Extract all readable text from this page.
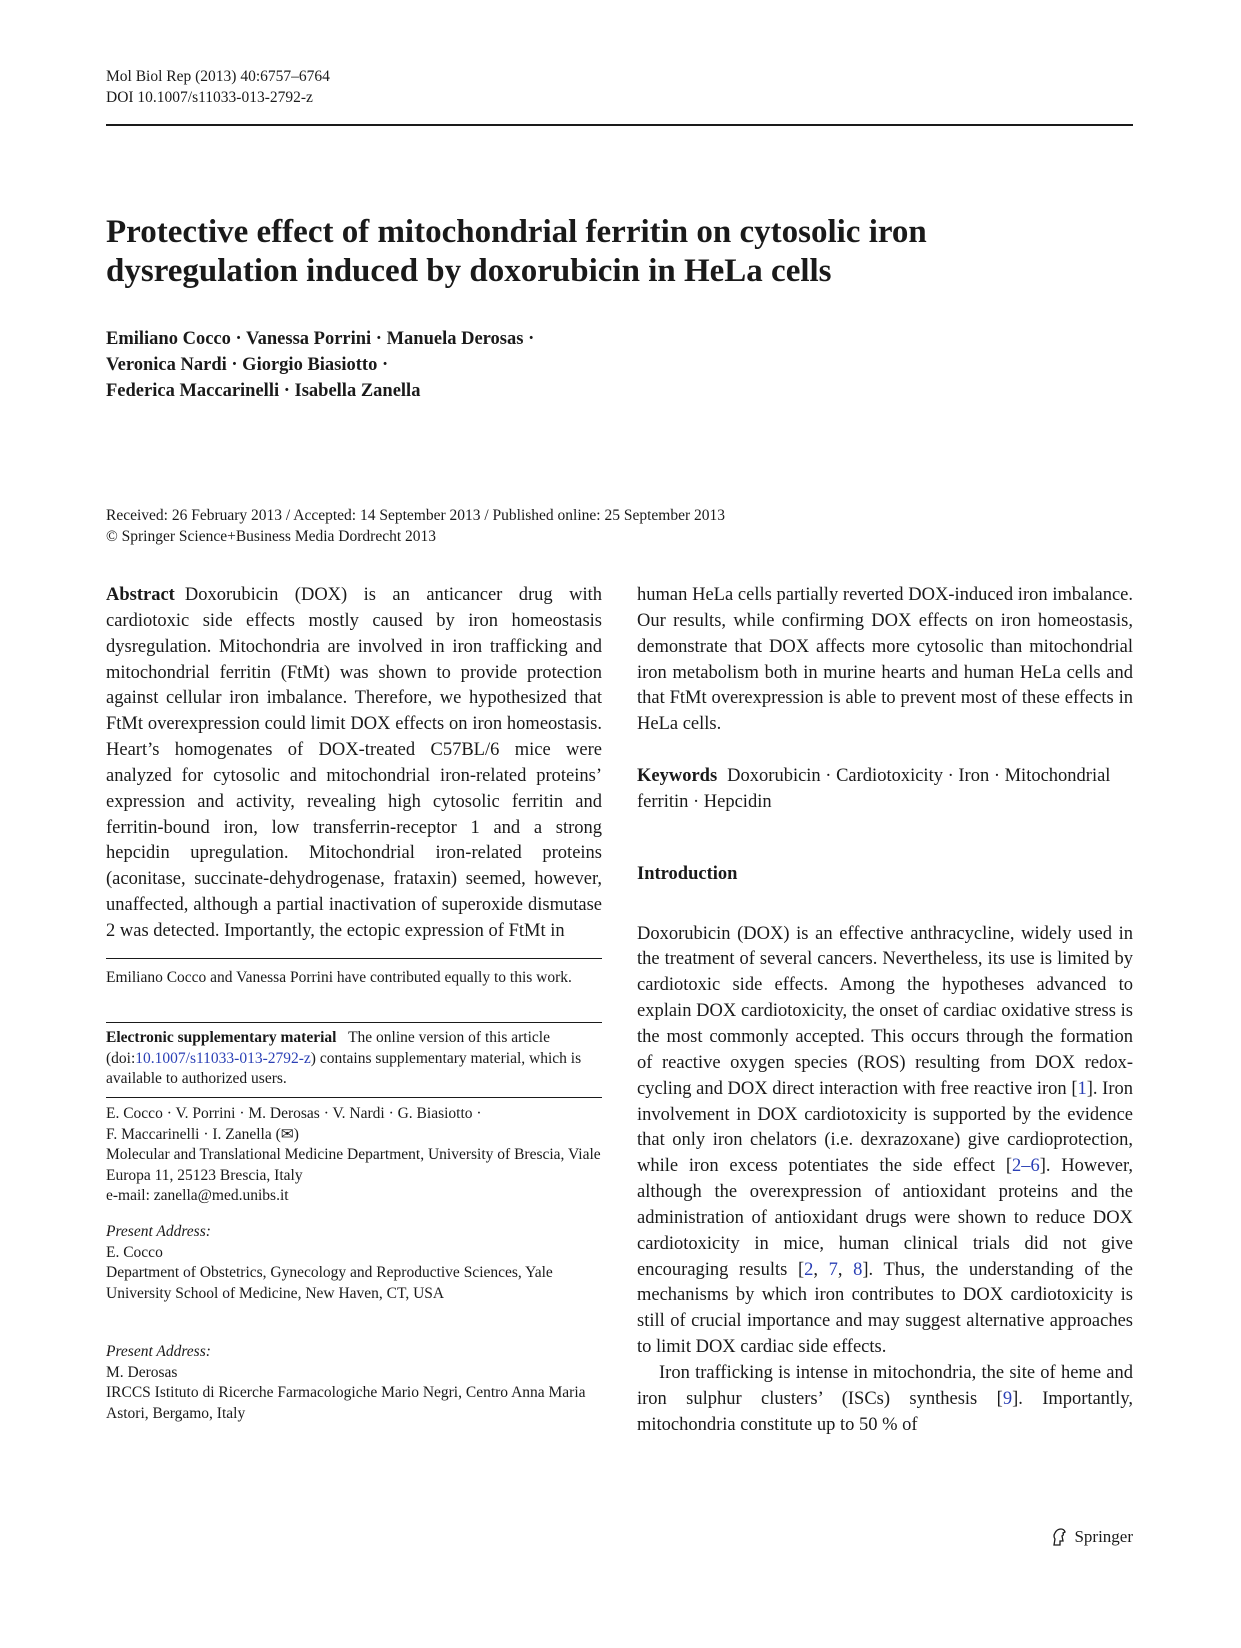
Mol Biol Rep (2013) 40:6757–6764
DOI 10.1007/s11033-013-2792-z
Protective effect of mitochondrial ferritin on cytosolic iron dysregulation induced by doxorubicin in HeLa cells
Emiliano Cocco · Vanessa Porrini · Manuela Derosas ·
Veronica Nardi · Giorgio Biasiotto ·
Federica Maccarinelli · Isabella Zanella
Received: 26 February 2013 / Accepted: 14 September 2013 / Published online: 25 September 2013
© Springer Science+Business Media Dordrecht 2013

Abstract Doxorubicin (DOX) is an anticancer drug with cardiotoxic side effects mostly caused by iron homeostasis dysregulation. Mitochondria are involved in iron trafficking and mitochondrial ferritin (FtMt) was shown to provide protection against cellular iron imbalance. Therefore, we hypothesized that FtMt overexpression could limit DOX effects on iron homeostasis. Heart’s homogenates of DOX-treated C57BL/6 mice were analyzed for cytosolic and mitochondrial iron-related proteins’ expression and activity, revealing high cytosolic ferritin and ferritin-bound iron, low transferrin-receptor 1 and a strong hepcidin upregulation. Mitochondrial iron-related proteins (aconitase, succinate-dehydrogenase, frataxin) seemed, however, unaffected, although a partial inactivation of superoxide dismutase 2 was detected. Importantly, the ectopic expression of FtMt in

Emiliano Cocco and Vanessa Porrini have contributed equally to this work.
Electronic supplementary material The online version of this article (doi:10.1007/s11033-013-2792-z) contains supplementary material, which is available to authorized users.
E. Cocco · V. Porrini · M. Derosas · V. Nardi · G. Biasiotto ·
F. Maccarinelli · I. Zanella (✉)
Molecular and Translational Medicine Department, University of Brescia, Viale Europa 11, 25123 Brescia, Italy
e-mail: zanella@med.unibs.it
Present Address:
E. Cocco
Department of Obstetrics, Gynecology and Reproductive Sciences, Yale University School of Medicine, New Haven, CT, USA
Present Address:
M. Derosas
IRCCS Istituto di Ricerche Farmacologiche Mario Negri, Centro Anna Maria Astori, Bergamo, Italy

human HeLa cells partially reverted DOX-induced iron imbalance. Our results, while confirming DOX effects on iron homeostasis, demonstrate that DOX affects more cytosolic than mitochondrial iron metabolism both in murine hearts and human HeLa cells and that FtMt overexpression is able to prevent most of these effects in HeLa cells.

Keywords Doxorubicin · Cardiotoxicity · Iron · Mitochondrial ferritin · Hepcidin
Introduction

Doxorubicin (DOX) is an effective anthracycline, widely used in the treatment of several cancers. Nevertheless, its use is limited by cardiotoxic side effects. Among the hypotheses advanced to explain DOX cardiotoxicity, the onset of cardiac oxidative stress is the most commonly accepted. This occurs through the formation of reactive oxygen species (ROS) resulting from DOX redox-cycling and DOX direct interaction with free reactive iron [1]. Iron involvement in DOX cardiotoxicity is supported by the evidence that only iron chelators (i.e. dexrazoxane) give cardioprotection, while iron excess potentiates the side effect [2–6]. However, although the overexpression of antioxidant proteins and the administration of antioxidant drugs were shown to reduce DOX cardiotoxicity in mice, human clinical trials did not give encouraging results [2, 7, 8]. Thus, the understanding of the mechanisms by which iron contributes to DOX cardiotoxicity is still of crucial importance and may suggest alternative approaches to limit DOX cardiac side effects.

Iron trafficking is intense in mitochondria, the site of heme and iron sulphur clusters’ (ISCs) synthesis [9]. Importantly, mitochondria constitute up to 50 % of

Springer
